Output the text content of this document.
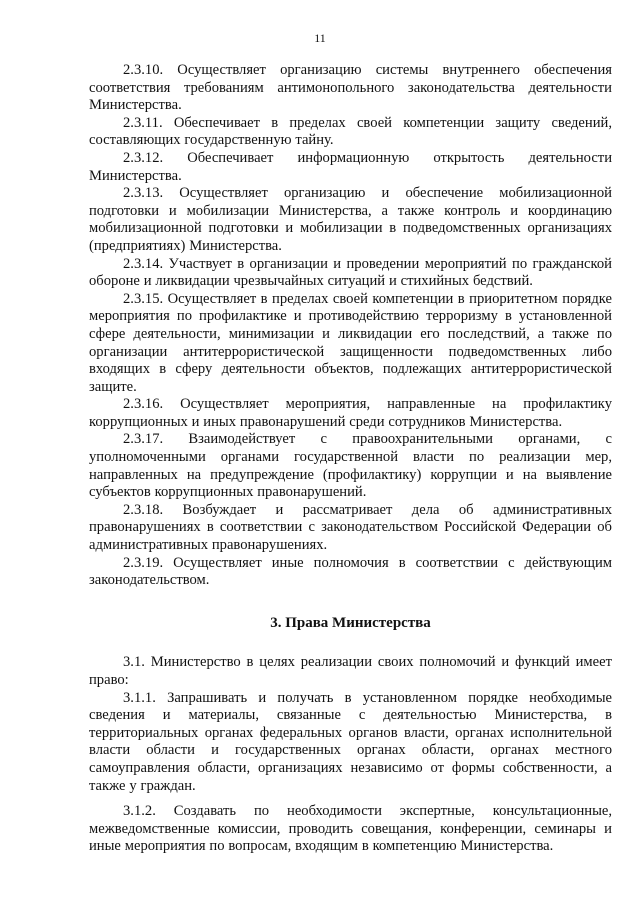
11

2.3.10. Осуществляет организацию системы внутреннего обеспечения соответствия требованиям антимонопольного законодательства деятельности Министерства.

2.3.11. Обеспечивает в пределах своей компетенции защиту сведений, составляющих государственную тайну.

2.3.12. Обеспечивает информационную открытость деятельности Министерства.

2.3.13. Осуществляет организацию и обеспечение мобилизационной подготовки и мобилизации Министерства, а также контроль и координацию мобилизационной подготовки и мобилизации в подведомственных организациях (предприятиях) Министерства.

2.3.14. Участвует в организации и проведении мероприятий по гражданской обороне и ликвидации чрезвычайных ситуаций и стихийных бедствий.

2.3.15. Осуществляет в пределах своей компетенции в приоритетном порядке мероприятия по профилактике и противодействию терроризму в установленной сфере деятельности, минимизации и ликвидации его последствий, а также по организации антитеррористической защищенности подведомственных либо входящих в сферу деятельности объектов, подлежащих антитеррористической защите.

2.3.16. Осуществляет мероприятия, направленные на профилактику коррупционных и иных правонарушений среди сотрудников Министерства.

2.3.17. Взаимодействует с правоохранительными органами, с уполномоченными органами государственной власти по реализации мер, направленных на предупреждение (профилактику) коррупции и на выявление субъектов коррупционных правонарушений.

2.3.18. Возбуждает и рассматривает дела об административных правонарушениях в соответствии с законодательством Российской Федерации об административных правонарушениях.

2.3.19. Осуществляет иные полномочия в соответствии с действующим законодательством.

3. Права Министерства

3.1. Министерство в целях реализации своих полномочий и функций имеет право:

3.1.1. Запрашивать и получать в установленном порядке необходимые сведения и материалы, связанные с деятельностью Министерства, в территориальных органах федеральных органов власти, органах исполнительной власти области и государственных органах области, органах местного самоуправления области, организациях независимо от формы собственности, а также у граждан.

3.1.2. Создавать по необходимости экспертные, консультационные, межведомственные комиссии, проводить совещания, конференции, семинары и иные мероприятия по вопросам, входящим в компетенцию Министерства.
